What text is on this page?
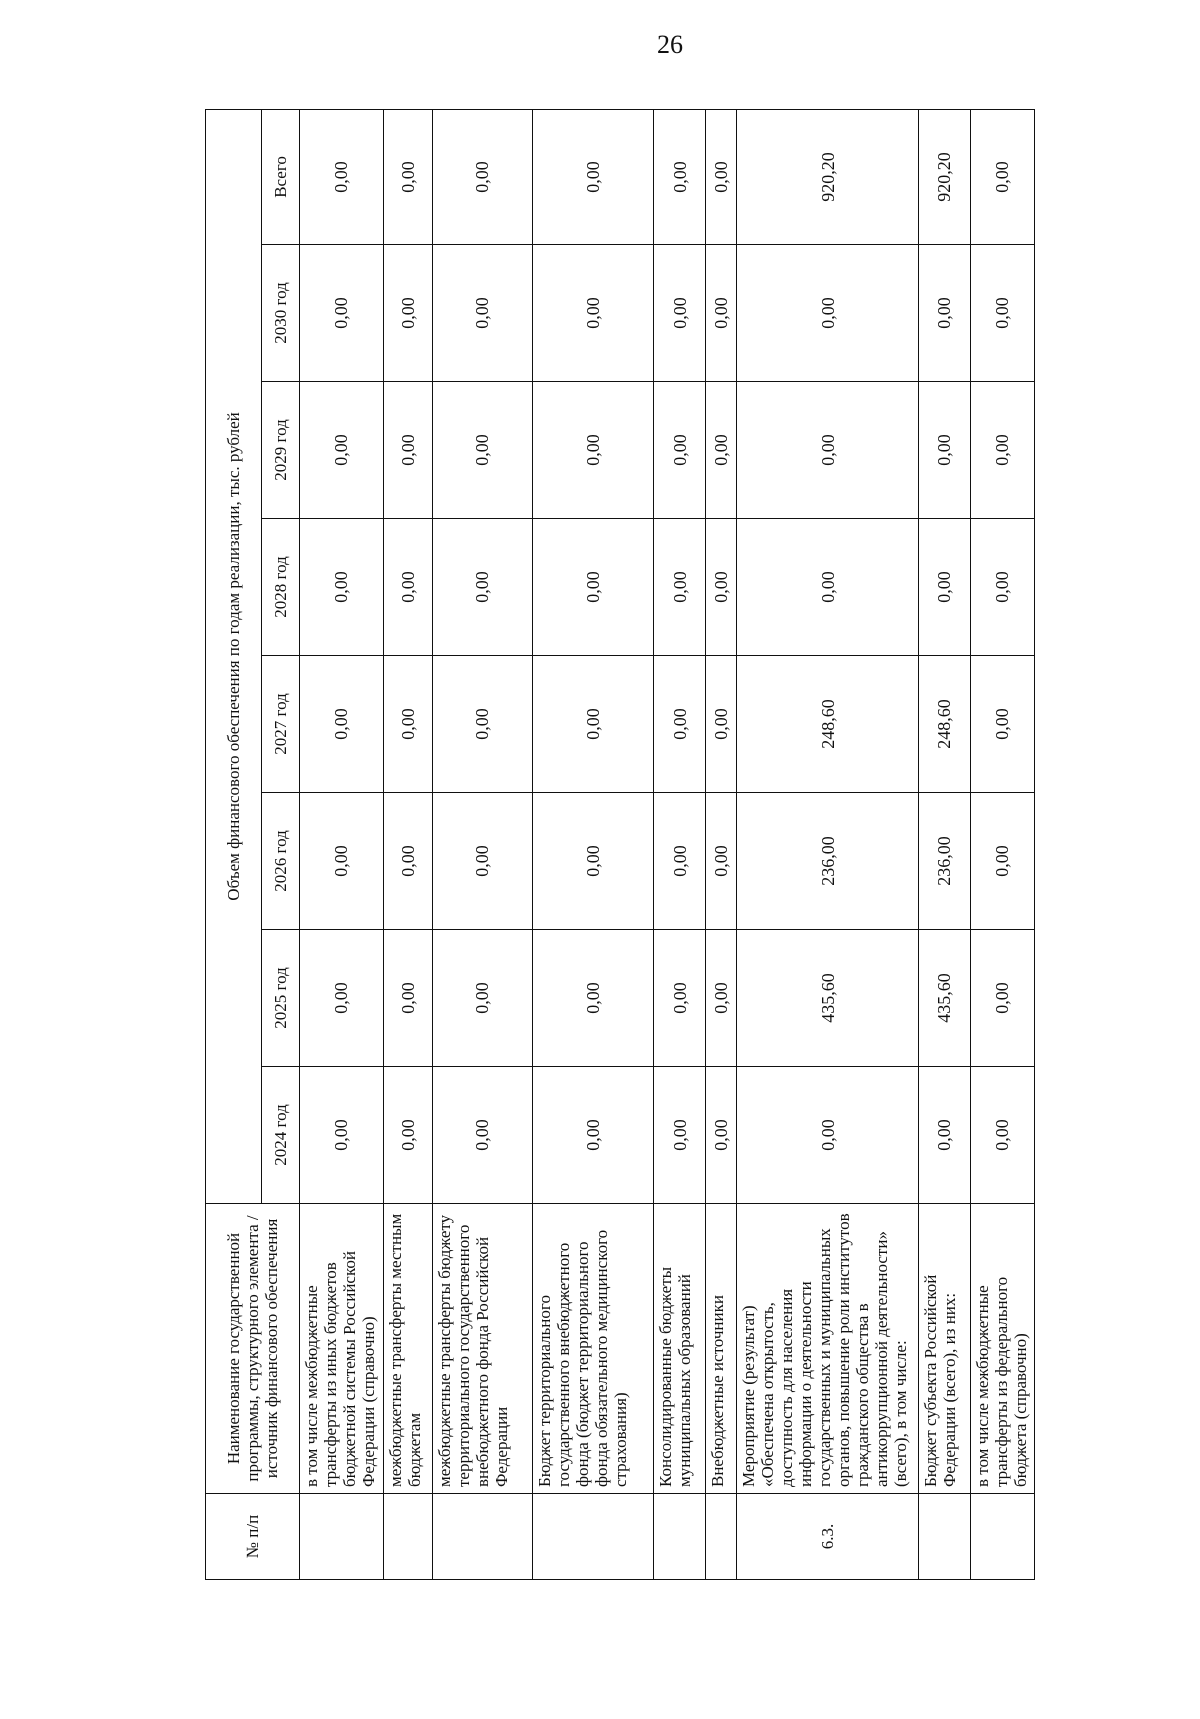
26
№ п/п	Наименование государственной программы, структурного элемента / источник финансового обеспечения	Объем финансового обеспечения по годам реализации, тыс. рублей							
		2024 год	2025 год	2026 год	2027 год	2028 год	2029 год	2030 год	Всего
	в том числе межбюджетные трансферты из иных бюджетов бюджетной системы Российской Федерации (справочно)	0,00	0,00	0,00	0,00	0,00	0,00	0,00	0,00
	межбюджетные трансферты местным бюджетам	0,00	0,00	0,00	0,00	0,00	0,00	0,00	0,00
	межбюджетные трансферты бюджету территориального государственного внебюджетного фонда Российской Федерации	0,00	0,00	0,00	0,00	0,00	0,00	0,00	0,00
	Бюджет территориального государственного внебюджетного фонда (бюджет территориального фонда обязательного медицинского страхования)	0,00	0,00	0,00	0,00	0,00	0,00	0,00	0,00
	Консолидированные бюджеты муниципальных образований	0,00	0,00	0,00	0,00	0,00	0,00	0,00	0,00
	Внебюджетные источники	0,00	0,00	0,00	0,00	0,00	0,00	0,00	0,00
6.3.	Мероприятие (результат) «Обеспечена открытость, доступность для населения информации о деятельности государственных и муниципальных органов, повышение роли институтов гражданского общества в антикоррупционной деятельности» (всего), в том числе:	0,00	435,60	236,00	248,60	0,00	0,00	0,00	920,20
	Бюджет субъекта Российской Федерации (всего), из них:	0,00	435,60	236,00	248,60	0,00	0,00	0,00	920,20
	в том числе межбюджетные трансферты из федерального бюджета (справочно)	0,00	0,00	0,00	0,00	0,00	0,00	0,00	0,00
